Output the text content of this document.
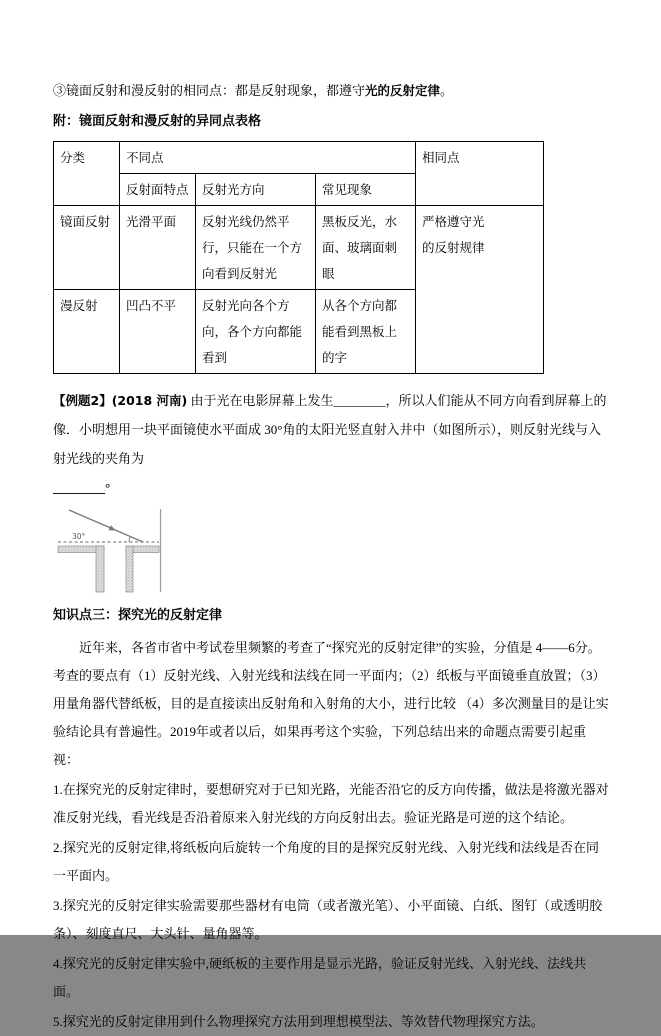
③镜面反射和漫反射的相同点：都是反射现象，都遵守光的反射定律。

附：镜面反射和漫反射的异同点表格

分类	不同点			相同点
	反射面特点	反射光方向	常见现象	
镜面反射	光滑平面	反射光线仍然平行，只能在一个方向看到反射光	黑板反光，水面、玻璃面刺眼	严格遵守光的反射规律

漫反射	凹凸不平	反射光向各个方向，各个方向都能看到	从各个方向都能看到黑板上的字	

【例题2】(2018 河南) 由于光在电影屏幕上发生________，所以人们能从不同方向看到屏幕上的像．小明想用一块平面镜使水平面成 30°角的太阳光竖直射入井中（如图所示），则反射光线与入射光线的夹角为

________°

30°

知识点三：探究光的反射定律

近年来，各省市省中考试卷里频繁的考查了“探究光的反射定律”的实验，分值是 4——6分。考查的要点有（1）反射光线、入射光线和法线在同一平面内；（2）纸板与平面镜垂直放置；（3）用量角器代替纸板，目的是直接读出反射角和入射角的大小，进行比较 （4）多次测量目的是让实验结论具有普遍性。2019年或者以后，如果再考这个实验，下列总结出来的命题点需要引起重视：

1.在探究光的反射定律时，要想研究对于已知光路，光能否沿它的反方向传播，做法是将激光器对准反射光线，看光线是否沿着原来入射光线的方向反射出去。验证光路是可逆的这个结论。

2.探究光的反射定律,将纸板向后旋转一个角度的目的是探究反射光线、入射光线和法线是否在同一平面内。

3.探究光的反射定律实验需要那些器材有电筒（或者激光笔）、小平面镜、白纸、图钉（或透明胶条）、刻度直尺、大头针、量角器等。

4.探究光的反射定律实验中,硬纸板的主要作用是显示光路，验证反射光线、入射光线、法线共面。

5.探究光的反射定律用到什么物理探究方法用到理想模型法、等效替代物理探究方法。
